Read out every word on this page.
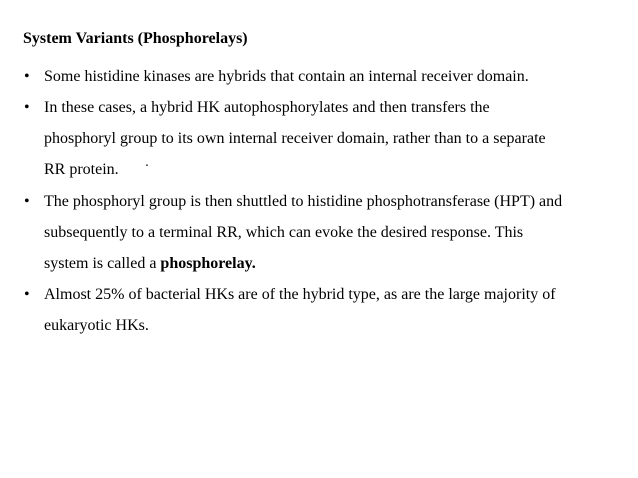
System Variants (Phosphorelays)
• Some histidine kinases are hybrids that contain an internal receiver domain.
• In these cases, a hybrid HK autophosphorylates and then transfers the
phosphoryl group to its own internal receiver domain, rather than to a separate
RR protein. ·
• The phosphoryl group is then shuttled to histidine phosphotransferase (HPT) and
subsequently to a terminal RR, which can evoke the desired response. This
system is called a phosphorelay.
• Almost 25% of bacterial HKs are of the hybrid type, as are the large majority of
eukaryotic HKs.
